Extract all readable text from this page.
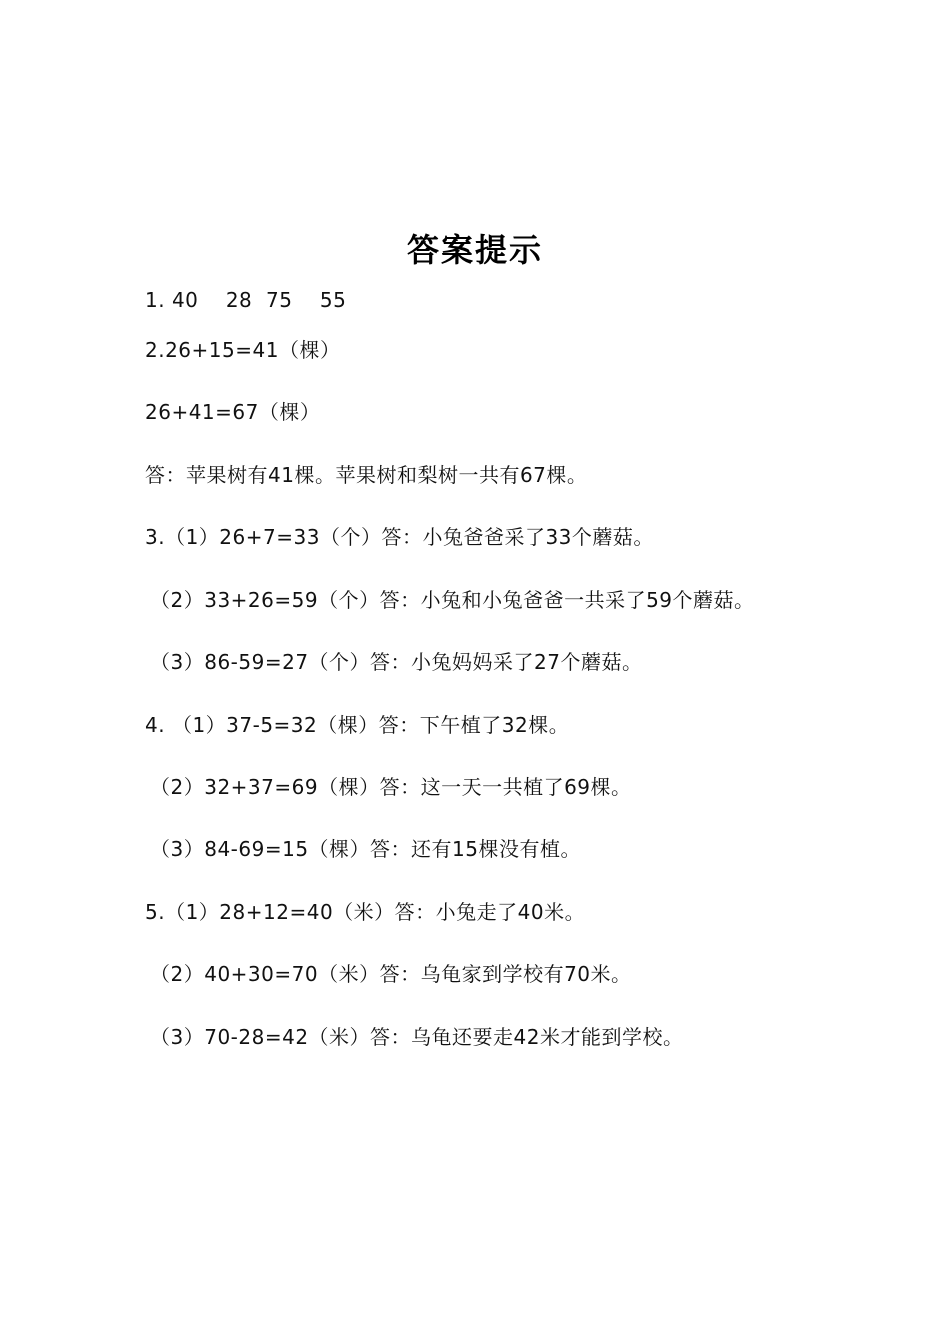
答案提示
1. 40    28  75    55
2.26+15=41（棵）
26+41=67（棵）
答：苹果树有41棵。苹果树和梨树一共有67棵。
3.（1）26+7=33（个）答：小兔爸爸采了33个蘑菇。
（2）33+26=59（个）答：小兔和小兔爸爸一共采了59个蘑菇。
（3）86-59=27（个）答：小兔妈妈采了27个蘑菇。
4. （1）37-5=32（棵）答：下午植了32棵。
（2）32+37=69（棵）答：这一天一共植了69棵。
（3）84-69=15（棵）答：还有15棵没有植。
5.（1）28+12=40（米）答：小兔走了40米。
（2）40+30=70（米）答：乌龟家到学校有70米。
（3）70-28=42（米）答：乌龟还要走42米才能到学校。
